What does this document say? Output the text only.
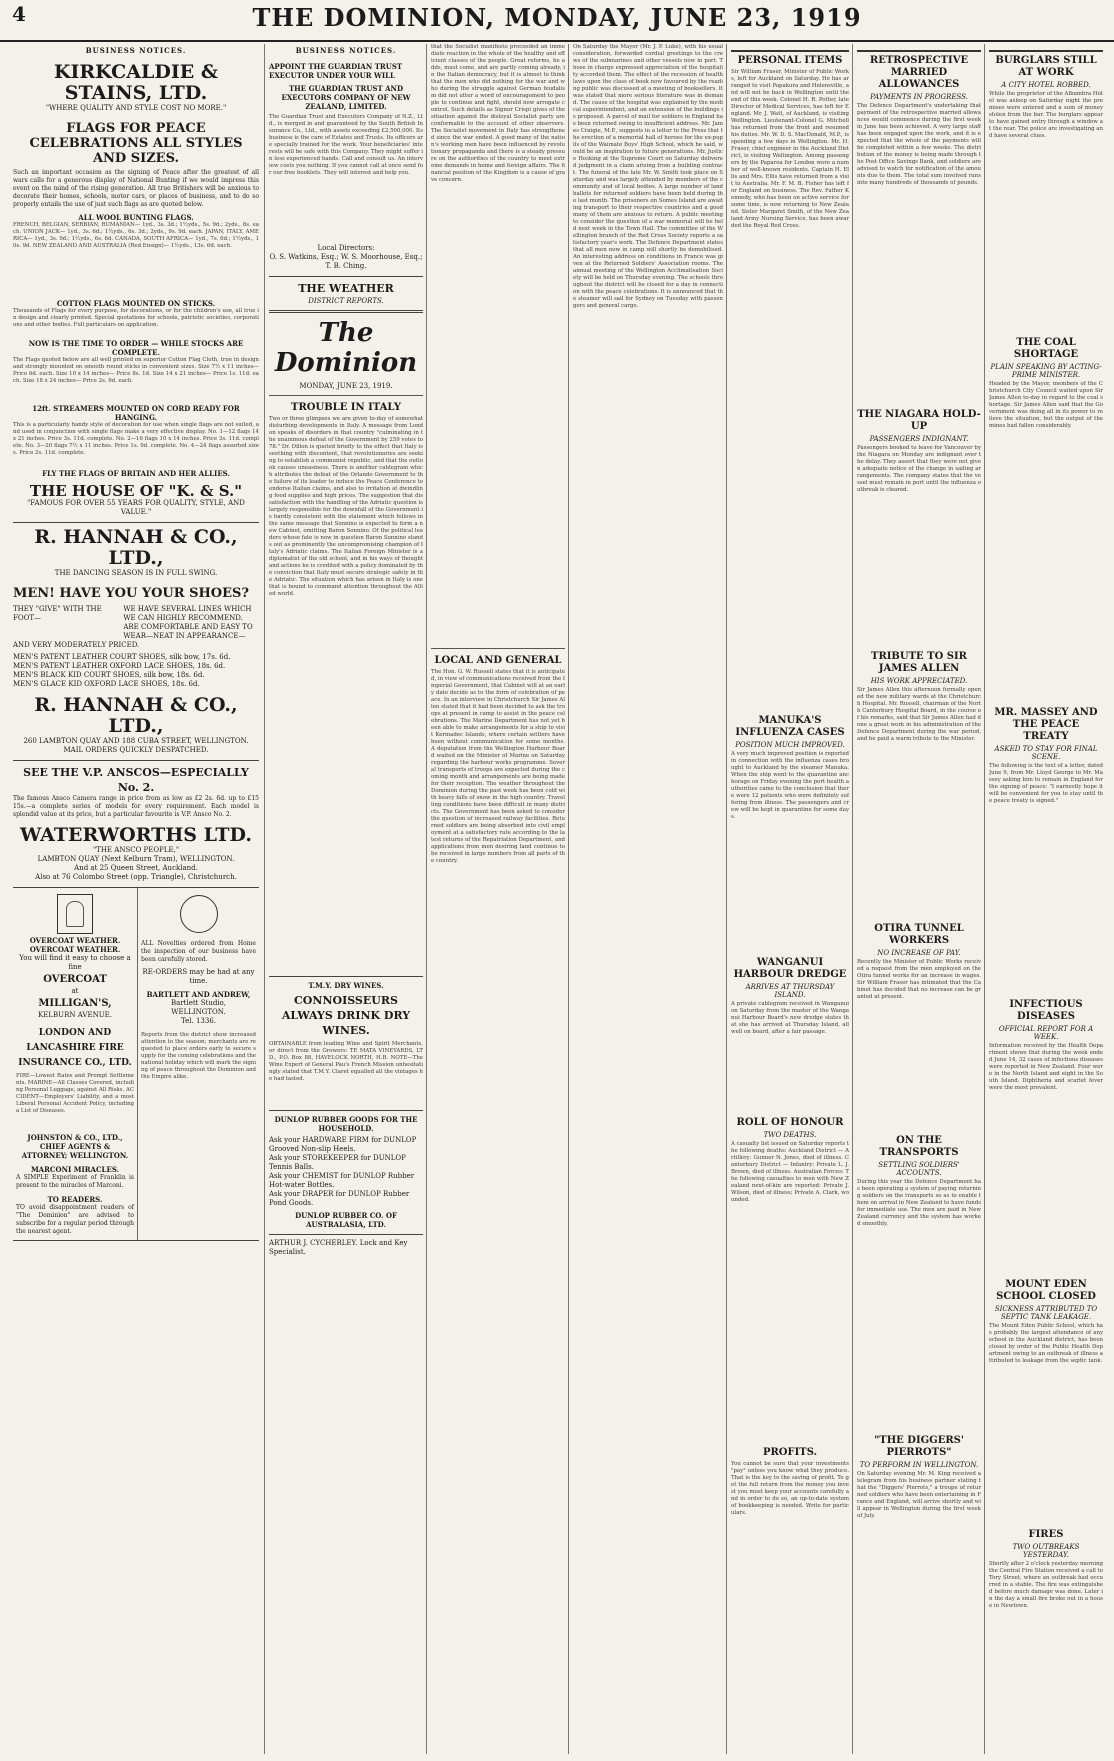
4	THE DOMINION, MONDAY, JUNE 23, 1919
BUSINESS NOTICES.
KIRKCALDIE & STAINS, LTD.
"WHERE QUALITY AND STYLE COST NO MORE."
FLAGS FOR PEACE CELEBRATIONS ALL STYLES AND SIZES.
Such an important occasion as the signing of Peace after the greatest of all wars calls for a generous display of National Bunting if we would impress this event on the mind of the rising generation. All true Britishers will be anxious to decorate their homes, schools, motor cars, or places of business, and to do so properly entails the use of just such flags as are quoted below.
ALL WOOL BUNTING FLAGS.
FRENCH, BELGIAN, SERBIAN, RUMANIAN— 1yd., 3s. 3d.; 1½yds., 5s. 9d.; 2yds., 8s. each. UNION JACK— 1yd., 3s. 6d.; 1½yds., 6s. 3d.; 2yds., 9s. 9d. each. JAPAN, ITALY, AMERICA— 1yd., 3s. 9d.; 1½yds., 6s. 6d. CANADA, SOUTH AFRICA— 1yd., 7s. 6d.; 1½yds., 10s. 9d. NEW ZEALAND AND AUSTRALIA (Red Ensign)— 1½yds., 13s. 6d. each.
COTTON FLAGS MOUNTED ON STICKS.
Thousands of Flags for every purpose, for decorations, or for the children's use, all true in design and clearly printed. Special quotations for schools, patriotic societies, corporations and other bodies. Full particulars on application.
NOW IS THE TIME TO ORDER — WHILE STOCKS ARE COMPLETE.
The Flags quoted below are all well printed on superior Cotton Flag Cloth, true in design and strongly mounted on smooth round sticks in convenient sizes. Size 7½ x 11 inches— Price 6d. each. Size 10 x 14 inches— Price 8s. 1d. Size 14 x 21 inches— Price 1s. 11d. each. Size 18 x 24 inches— Price 2s. 9d. each.
12ft. STREAMERS MOUNTED ON CORD READY FOR HANGING.
This is a particularly handy style of decoration for use when single flags are not suited, and used in conjunction with single flags make a very effective display. No. 1—12 flags 14 x 21 inches. Price 3s. 11d. complete. No. 2—16 flags 10 x 14 inches. Price 3s. 11d. complete. No. 3—20 flags 7½ x 11 inches. Price 1s. 9d. complete. No. 4—24 flags assorted sizes. Price 2s. 11d. complete.
FLY THE FLAGS OF BRITAIN AND HER ALLIES.
THE HOUSE OF "K. & S."
"FAMOUS FOR OVER 55 YEARS FOR QUALITY, STYLE, AND VALUE."
R. HANNAH & CO., LTD.,
THE DANCING SEASON IS IN FULL SWING.
MEN! HAVE YOU YOUR SHOES?
THEY "GIVE" WITH THE FOOT—
WE HAVE SEVERAL LINES WHICH WE CAN HIGHLY RECOMMEND. ARE COMFORTABLE AND EASY TO WEAR—NEAT IN APPEARANCE—
AND VERY MODERATELY PRICED.
MEN'S PATENT LEATHER COURT SHOES, silk bow, 17s. 6d.
MEN'S PATENT LEATHER OXFORD LACE SHOES, 18s. 6d.
MEN'S BLACK KID COURT SHOES, silk bow, 18s. 6d.
MEN'S GLACE KID OXFORD LACE SHOES, 18s. 6d.
R. HANNAH & CO., LTD.,
260 LAMBTON QUAY AND 188 CUBA STREET, WELLINGTON.
MAIL ORDERS QUICKLY DESPATCHED.
SEE THE V.P. ANSCOS—ESPECIALLY No. 2.
The famous Ansco Camera range in price from as low as £2 2s. 6d. up to £15 15s.—a complete series of models for every requirement. Each model is splendid value at its price, but a particular favourite is V.P. Ansco No. 2.
WATERWORTHS LTD.
"THE ANSCO PEOPLE,"
LAMBTON QUAY (Next Kelburn Tram), WELLINGTON.
And at 25 Queen Street, Auckland.
Also at 76 Colombo Street (opp. Triangle), Christchurch.
OVERCOAT WEATHER. OVERCOAT WEATHER.
You will find it easy to choose a fine
OVERCOAT
at
MILLIGAN'S,
KELBURN AVENUE.
LONDON AND LANCASHIRE FIRE INSURANCE CO., LTD.
FIRE—Lowest Rates and Prompt Settlements. MARINE—All Classes Covered, including Personal Luggage, against All Risks. ACCIDENT—Employers' Liability, and a most Liberal Personal Accident Policy, including a List of Diseases.
JOHNSTON & CO., LTD., CHIEF AGENTS & ATTORNEY; WELLINGTON.
MARCONI MIRACLES.
A SIMPLE Experiment of Franklin is present to the miracles of Marconi.
TO READERS.
TO avoid disappointment readers of "The Dominion" are advised to subscribe for a regular period through the nearest agent.
ALL Novelties ordered from Home the inspection of our business have been carefully stored.
RE-ORDERS may be had at any time.
BARTLETT AND ANDREW,
Bartlett Studio,
WELLINGTON.
Tel. 1336.
Reports from the district show increased attention to the season; merchants are requested to place orders early to secure supply for the coming celebrations and the national holiday which will mark the signing of peace throughout the Dominion and the Empire alike.
BUSINESS NOTICES.
APPOINT THE GUARDIAN TRUST EXECUTOR UNDER YOUR WILL
THE GUARDIAN TRUST AND EXECUTORS COMPANY OF NEW ZEALAND, LIMITED.
The Guardian Trust and Executors Company of N.Z., Ltd., is merged in and guaranteed by the South British Insurance Co., Ltd., with assets exceeding £2,500,000. Its business is the care of Estates and Trusts. Its officers are specially trained for the work. Your beneficiaries' interests will be safe with this Company. They might suffer in less experienced hands. Call and consult us. An interview costs you nothing. If you cannot call at once send for our free booklets. They will interest and help you.
Local Directors:
O. S. Watkins, Esq.; W. S. Moorhouse, Esq.; T. B. Ching.
THE WEATHER
DISTRICT REPORTS.
The Dominion
MONDAY, JUNE 23, 1919.
TROUBLE IN ITALY
Two or three glimpses we are given to-day of somewhat disturbing developments in Italy. A message from London speaks of disorders in that country "culminating in the unanimous defeat of the Government by 259 votes to 78." Dr. Dillon is quoted briefly to the effect that Italy is seething with discontent, that revolutionaries are seeking to establish a communist republic, and that the outlook causes uneasiness. There is another cablegram which attributes the defeat of the Orlando Government to the failure of its leader to induce the Peace Conference to endorse Italian claims, and also to irritation at dwindling food supplies and high prices. The suggestion that dissatisfaction with the handling of the Adriatic question is largely responsible for the downfall of the Government is hardly consistent with the statement which follows in the same message that Sonnino is expected to form a new Cabinet, omitting Baron Sonnino. Of the political leaders whose fate is now in question Baron Sonnino stands out as prominently the uncompromising champion of Italy's Adriatic claims. The Italian Foreign Minister is a diplomatist of the old school, and in his ways of thought and actions he is credited with a policy dominated by the conviction that Italy must secure strategic safety in the Adriatic. The situation which has arisen in Italy is one that is bound to command attention throughout the Allied world.
T.M.Y. DRY WINES.
CONNOISSEURS ALWAYS DRINK DRY WINES.
OBTAINABLE from leading Wine and Spirit Merchants, or direct from the Growers: TE MATA VINEYARDS, LTD., P.O. Box 88, HAVELOCK NORTH, H.B. NOTE—The Wine Expert of General Pau's French Mission unhesitatingly stated that T.M.Y. Claret equalled all the vintages he had tasted.
DUNLOP RUBBER GOODS FOR THE HOUSEHOLD.
Ask your HARDWARE FIRM for DUNLOP Grooved Non-slip Heels.
Ask your STOREKEEPER for DUNLOP Tennis Balls.
Ask your CHEMIST for DUNLOP Rubber Hot-water Bottles.
Ask your DRAPER for DUNLOP Rubber Pond Goods.
DUNLOP RUBBER CO. OF AUSTRALASIA, LTD.
ARTHUR J. CYCHERLEY. Lock and Key Specialist.
that the Socialist manifesto proceeded an immediate reaction in the whole of the healthy and efficient classes of the people. Great reforms, he adds, must come, and are partly coming already, in the Italian democracy, but it is almost to think that the men who did nothing for the war and who during the struggle against German feudalism did not utter a word of encouragement to people to continue and fight, should now arrogate control. Such details as Signor Crispi gives of the situation against the disloyal Socialist party are conformable to the account of other observers. The Socialist movement in Italy has strengthened since the war ended. A good many of the nation's working men have been influenced by revolutionary propaganda and there is a steady pressure on the authorities of the country to meet extreme demands in home and foreign affairs. The financial position of the Kingdom is a cause of grave concern.
LOCAL AND GENERAL
The Hon. G. W. Russell states that it is anticipated, in view of communications received from the Imperial Government, that Cabinet will at an early date decide as to the form of celebration of peace. In an interview in Christchurch Sir James Allen stated that it had been decided to ask the troops at present in camp to assist in the peace celebrations. The Marine Department has not yet been able to make arrangements for a ship to visit Kermadec Islands, where certain settlers have been without communication for some months. A deputation from the Wellington Harbour Board waited on the Minister of Marine on Saturday regarding the harbour works programme. Several transports of troops are expected during the coming month and arrangements are being made for their reception. The weather throughout the Dominion during the past week has been cold with heavy falls of snow in the high country. Travelling conditions have been difficult in many districts. The Government has been asked to consider the question of increased railway facilities. Returned soldiers are being absorbed into civil employment at a satisfactory rate according to the latest returns of the Repatriation Department, and applications from men desiring land continue to be received in large numbers from all parts of the country.
On Saturday the Mayor (Mr. J. P. Luke), with his usual consideration, forwarded cordial greetings to the crews of the submarines and other vessels now in port. Those in charge expressed appreciation of the hospitality accorded them. The effect of the recession of health laws upon the class of book now favoured by the reading public was discussed at a meeting of booksellers. It was stated that more serious literature was in demand. The cause of the hospital was explained by the medical superintendent, and an extension of the buildings is proposed. A parcel of mail for soldiers in England has been returned owing to insufficient address. Mr. James Craigie, M.P., suggests in a letter to the Press that the erection of a memorial hall of heroes for the ex-pupils of the Waimate Boys' High School, which he said, would be an inspiration to future generations. Mr. Justice Hosking at the Supreme Court on Saturday delivered judgment in a claim arising from a building contract. The funeral of the late Mr. W. Smith took place on Saturday and was largely attended by members of the community and of local bodies. A large number of land ballots for returned soldiers have been held during the last month. The prisoners on Somes Island are awaiting transport to their respective countries and a good many of them are anxious to return. A public meeting to consider the question of a war memorial will be held next week in the Town Hall. The committee of the Wellington branch of the Red Cross Society reports a satisfactory year's work. The Defence Department states that all men now in camp will shortly be demobilised. An interesting address on conditions in France was given at the Returned Soldiers' Association rooms. The annual meeting of the Wellington Acclimatisation Society will be held on Thursday evening. The schools throughout the district will be closed for a day in connection with the peace celebrations. It is announced that the steamer will sail for Sydney on Tuesday with passengers and general cargo.
PERSONAL ITEMS
Sir William Fraser, Minister of Public Works, left for Auckland on Saturday. He has arranged to visit Papakura and Helensville, and will not be back in Wellington until the end of this week. Colonel H. R. Potter, late Director of Medical Services, has left for England. Mr. J. Watt, of Auckland, is visiting Wellington. Lieutenant-Colonel G. Mitchell has returned from the front and resumed his duties. Mr. W. D. S. MacDonald, M.P., is spending a few days in Wellington. Mr. H. Fraser, chief engineer in the Auckland District, is visiting Wellington. Among passengers by the Paparoa for London were a number of well-known residents. Captain H. Ellis and Mrs. Ellis have returned from a visit to Australia. Mr. F. M. B. Fisher has left for England on business. The Rev. Father Kennedy, who has been on active service for some time, is now returning to New Zealand. Sister Margaret Smith, of the New Zealand Army Nursing Service, has been awarded the Royal Red Cross.
MANUKA'S INFLUENZA CASES
POSITION MUCH IMPROVED.
A very much improved position is reported in connection with the influenza cases brought to Auckland by the steamer Manuka. When the ship went to the quarantine anchorage on Friday evening the port health authorities came to the conclusion that there were 12 patients who were definitely suffering from illness. The passengers and crew will be kept in quarantine for some days.
WANGANUI HARBOUR DREDGE
ARRIVES AT THURSDAY ISLAND.
A private cablegram received in Wanganui on Saturday from the master of the Wanganui Harbour Board's new dredge states that she has arrived at Thursday Island, all well on board, after a fair passage.
ROLL OF HONOUR
TWO DEATHS.
A casualty list issued on Saturday reports the following deaths: Auckland District — Artillery: Gunner N. Jones, died of illness. Canterbury District — Infantry: Private L. J. Brown, died of illness. Australian Forces: The following casualties to men with New Zealand next-of-kin are reported: Private J. Wilson, died of illness; Private A. Clark, wounded.
PROFITS.
You cannot be sure that your investments "pay" unless you know what they produce. That is the key to the saving of profit. To get the full return from the money you invest you must keep your accounts carefully and in order to do so, an up-to-date system of bookkeeping is needed. Write for particulars.
RETROSPECTIVE MARRIED ALLOWANCES
PAYMENTS IN PROGRESS.
The Defence Department's undertaking that payment of the retrospective married allowances would commence during the first week in June has been achieved. A very large staff has been engaged upon the work, and it is expected that the whole of the payments will be completed within a few weeks. The distribution of the money is being made through the Post Office Savings Bank, and soldiers are advised to watch for notification of the amounts due to them. The total sum involved runs into many hundreds of thousands of pounds.
THE NIAGARA HOLD-UP
PASSENGERS INDIGNANT.
Passengers booked to leave for Vancouver by the Niagara on Monday are indignant over the delay. They assert that they were not given adequate notice of the change in sailing arrangements. The company states that the vessel must remain in port until the influenza outbreak is cleared.
TRIBUTE TO SIR JAMES ALLEN
HIS WORK APPRECIATED.
Sir James Allen this afternoon formally opened the new military wards at the Christchurch Hospital. Mr. Russell, chairman of the North Canterbury Hospital Board, in the course of his remarks, said that Sir James Allen had done a great work in his administration of the Defence Department during the war period, and he paid a warm tribute to the Minister.
OTIRA TUNNEL WORKERS
NO INCREASE OF PAY.
Recently the Minister of Public Works received a request from the men employed on the Otira tunnel works for an increase in wages. Sir William Fraser has intimated that the Cabinet has decided that no increase can be granted at present.
ON THE TRANSPORTS
SETTLING SOLDIERS' ACCOUNTS.
During this year the Defence Department has been operating a system of paying returning soldiers on the transports so as to enable them on arrival in New Zealand to have funds for immediate use. The men are paid in New Zealand currency and the system has worked smoothly.
"THE DIGGERS' PIERROTS"
TO PERFORM IN WELLINGTON.
On Saturday evening Mr. M. King received a telegram from his business partner stating that the "Diggers' Pierrots," a troupe of returned soldiers who have been entertaining in France and England, will arrive shortly and will appear in Wellington during the first week of July.
BURGLARS STILL AT WORK
A CITY HOTEL ROBBED.
While the proprietor of the Albambra Hotel was asleep on Saturday night the premises were entered and a sum of money stolen from the bar. The burglars appear to have gained entry through a window at the rear. The police are investigating and have several clues.
THE COAL SHORTAGE
PLAIN SPEAKING BY ACTING-PRIME MINISTER.
Headed by the Mayor, members of the Christchurch City Council waited upon Sir James Allen to-day in regard to the coal shortage. Sir James Allen said that the Government was doing all in its power to relieve the situation, but the output of the mines had fallen considerably.
MR. MASSEY AND THE PEACE TREATY
ASKED TO STAY FOR FINAL SCENE.
The following is the text of a letter, dated June 9, from Mr. Lloyd George to Mr. Massey asking him to remain in England for the signing of peace: "I earnestly hope it will be convenient for you to stay until the peace treaty is signed."
INFECTIOUS DISEASES
OFFICIAL REPORT FOR A WEEK.
Information received by the Health Department shows that during the week ended June 14, 32 cases of infectious diseases were reported in New Zealand. Four were in the North Island and eight in the South Island. Diphtheria and scarlet fever were the most prevalent.
MOUNT EDEN SCHOOL CLOSED
SICKNESS ATTRIBUTED TO SEPTIC TANK LEAKAGE.
The Mount Eden Public School, which has probably the largest attendance of any school in the Auckland district, has been closed by order of the Public Health Department owing to an outbreak of illness attributed to leakage from the septic tank.
FIRES
TWO OUTBREAKS YESTERDAY.
Shortly after 2 o'clock yesterday morning the Central Fire Station received a call to Tory Street, where an outbreak had occurred in a stable. The fire was extinguished before much damage was done. Later in the day a small fire broke out in a house in Newtown.
